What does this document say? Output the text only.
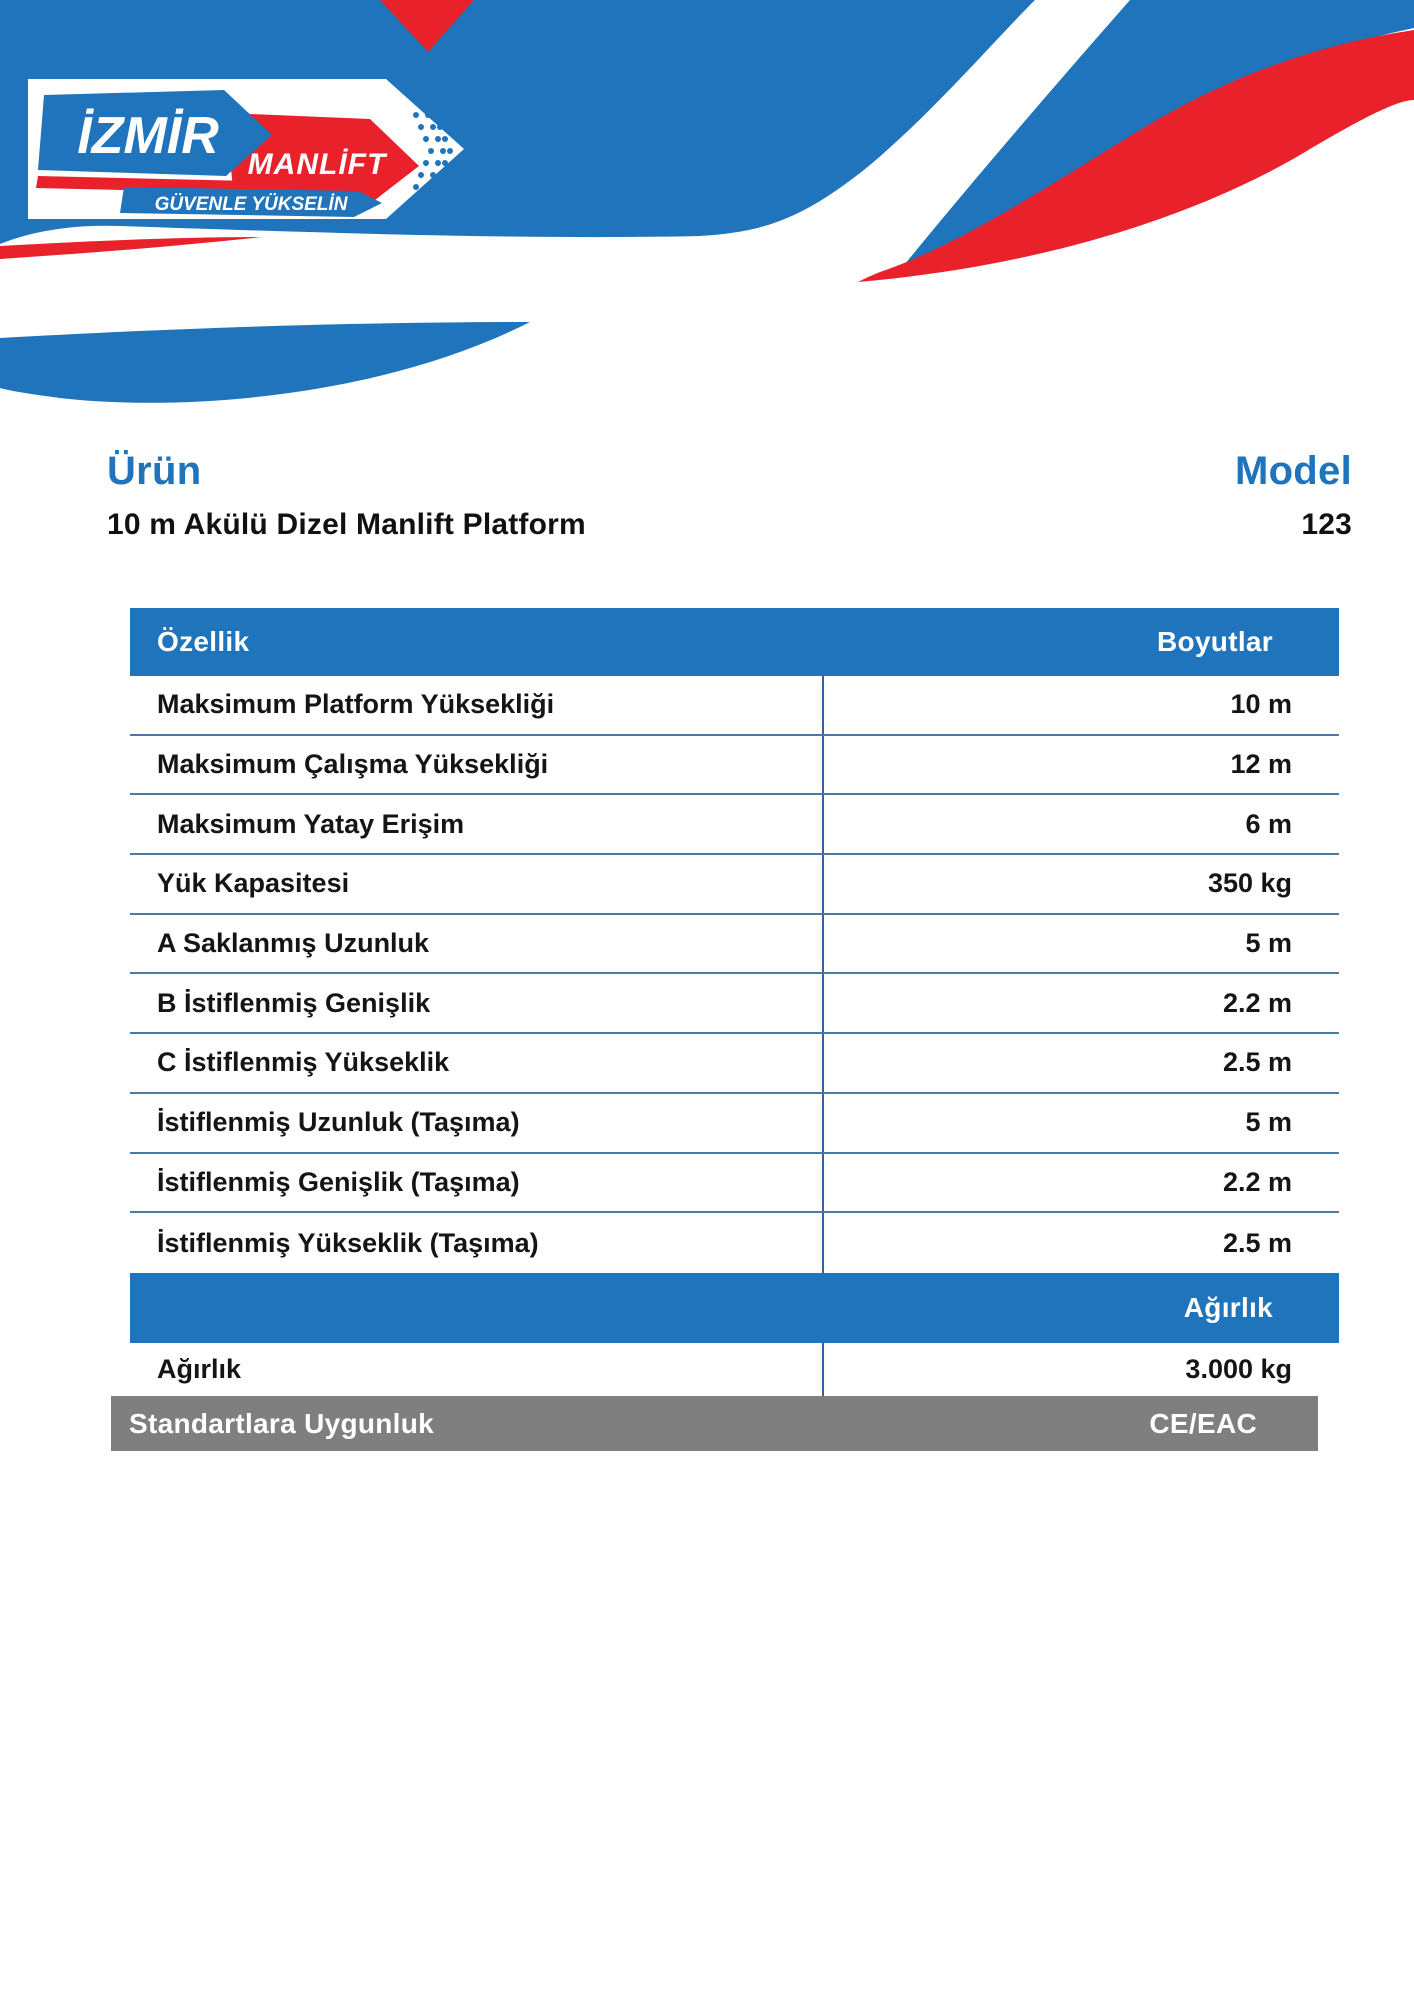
İZMİR MANLİFT
GÜVENLE YÜKSELİN
Ürün
10 m Akülü Dizel Manlift Platform
Model
123
Özellik	Boyutlar
Maksimum Platform Yüksekliği	10 m
Maksimum Çalışma Yüksekliği	12 m
Maksimum Yatay Erişim	6 m
Yük Kapasitesi	350 kg
A Saklanmış Uzunluk	5 m
B İstiflenmiş Genişlik	2.2 m
C İstiflenmiş Yükseklik	2.5 m
İstiflenmiş Uzunluk (Taşıma)	5 m
İstiflenmiş Genişlik (Taşıma)	2.2 m
İstiflenmiş Yükseklik (Taşıma)	2.5 m
Ağırlık
Ağırlık	3.000 kg
Standartlara Uygunluk	CE/EAC
